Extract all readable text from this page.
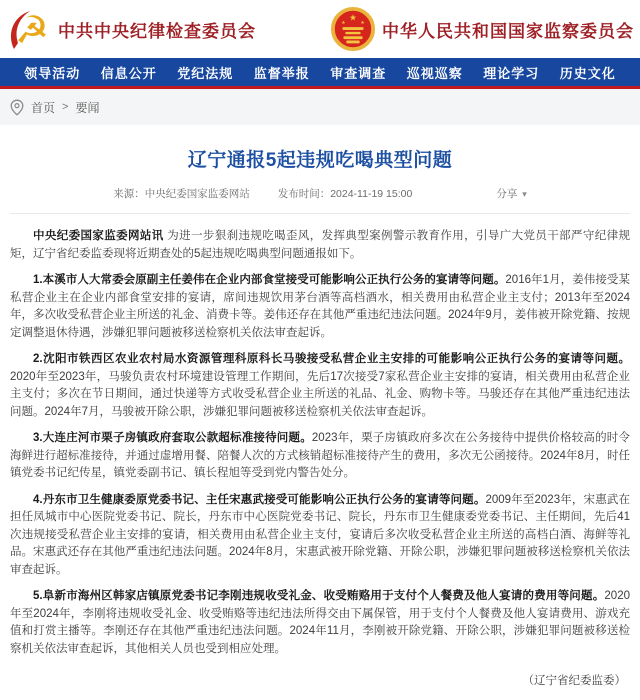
☭ 中共中央纪律检查委员会
★
★	★ 中华人民共和国国家监察委员会
领导活动 信息公开 党纪法规 监督举报 审查调查 巡视巡察 理论学习 历史文化
首页 > 要闻
辽宁通报5起违规吃喝典型问题
来源：中央纪委国家监委网站	发布时间：2024-11-19 15:00	分享 ▾

中央纪委国家监委网站讯 为进一步狠刹违规吃喝歪风，发挥典型案例警示教育作用，引导广大党员干部严守纪律规矩，辽宁省纪委监委现将近期查处的5起违规吃喝典型问题通报如下。

1.本溪市人大常委会原副主任姜伟在企业内部食堂接受可能影响公正执行公务的宴请等问题。2016年1月，姜伟接受某私营企业主在企业内部食堂安排的宴请，席间违规饮用茅台酒等高档酒水，相关费用由私营企业主支付；2013年至2024年，多次收受私营企业主所送的礼金、消费卡等。姜伟还存在其他严重违纪违法问题。2024年9月，姜伟被开除党籍、按规定调整退休待遇，涉嫌犯罪问题被移送检察机关依法审查起诉。

2.沈阳市铁西区农业农村局水资源管理科原科长马骏接受私营企业主安排的可能影响公正执行公务的宴请等问题。2020年至2023年，马骏负责农村环境建设管理工作期间，先后17次接受7家私营企业主安排的宴请，相关费用由私营企业主支付；多次在节日期间，通过快递等方式收受私营企业主所送的礼品、礼金、购物卡等。马骏还存在其他严重违纪违法问题。2024年7月，马骏被开除公职，涉嫌犯罪问题被移送检察机关依法审查起诉。

3.大连庄河市栗子房镇政府套取公款超标准接待问题。2023年，栗子房镇政府多次在公务接待中提供价格较高的时令海鲜进行超标准接待，并通过虚增用餐、陪餐人次的方式核销超标准接待产生的费用，多次无公函接待。2024年8月，时任镇党委书记纪传星，镇党委副书记、镇长程旭等受到党内警告处分。

4.丹东市卫生健康委原党委书记、主任宋惠武接受可能影响公正执行公务的宴请等问题。2009年至2023年，宋惠武在担任凤城市中心医院党委书记、院长，丹东市中心医院党委书记、院长，丹东市卫生健康委党委书记、主任期间，先后41次违规接受私营企业主安排的宴请，相关费用由私营企业主支付，宴请后多次收受私营企业主所送的高档白酒、海鲜等礼品。宋惠武还存在其他严重违纪违法问题。2024年8月，宋惠武被开除党籍、开除公职，涉嫌犯罪问题被移送检察机关依法审查起诉。

5.阜新市海州区韩家店镇原党委书记李刚违规收受礼金、收受贿赂用于支付个人餐费及他人宴请的费用等问题。2020年至2024年，李刚将违规收受礼金、收受贿赂等违纪违法所得交由下属保管，用于支付个人餐费及他人宴请费用、游戏充值和打赏主播等。李刚还存在其他严重违纪违法问题。2024年11月，李刚被开除党籍、开除公职，涉嫌犯罪问题被移送检察机关依法审查起诉，其他相关人员也受到相应处理。

（辽宁省纪委监委）
